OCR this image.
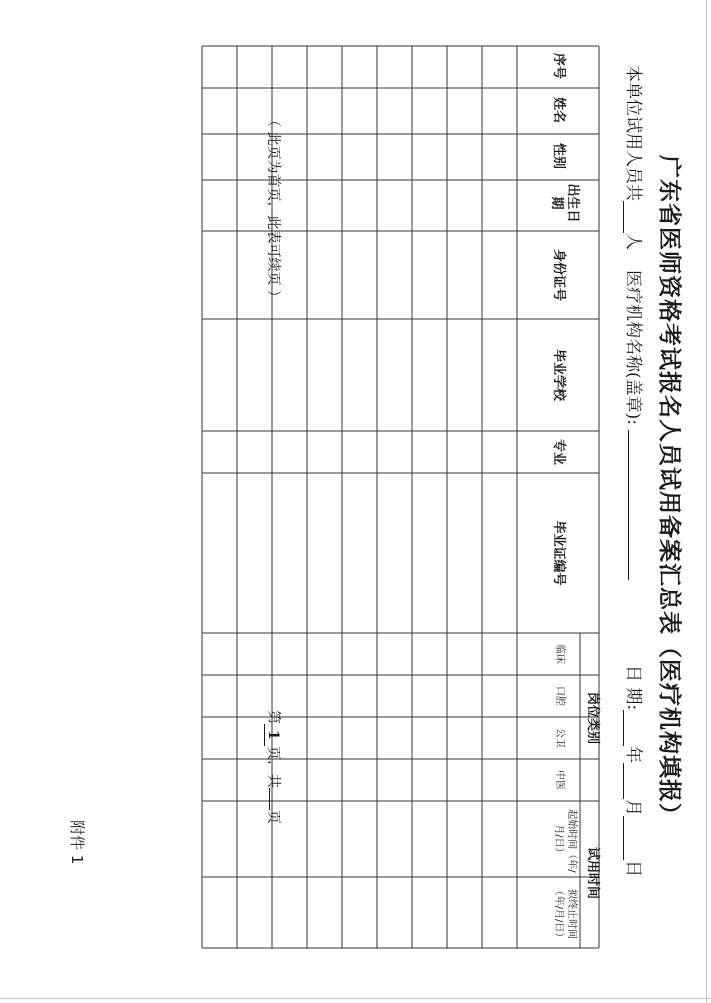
广东省医师资格考试报名人员试用备案汇总表（医疗机构填报）
本单位试用人员共人
医疗机构名称(盖章):
日 期:年月日
序号
姓名
性别
出生日期
身份证号
毕业学校
专业
毕业证编号
岗位类别
临床
口腔
公卫
中医
试用时间
起始时间（年/月/日）
拟终止时间（年/月/日）
（ 此页为首页，此表可续页 ）
第1页，共页
附件 1
